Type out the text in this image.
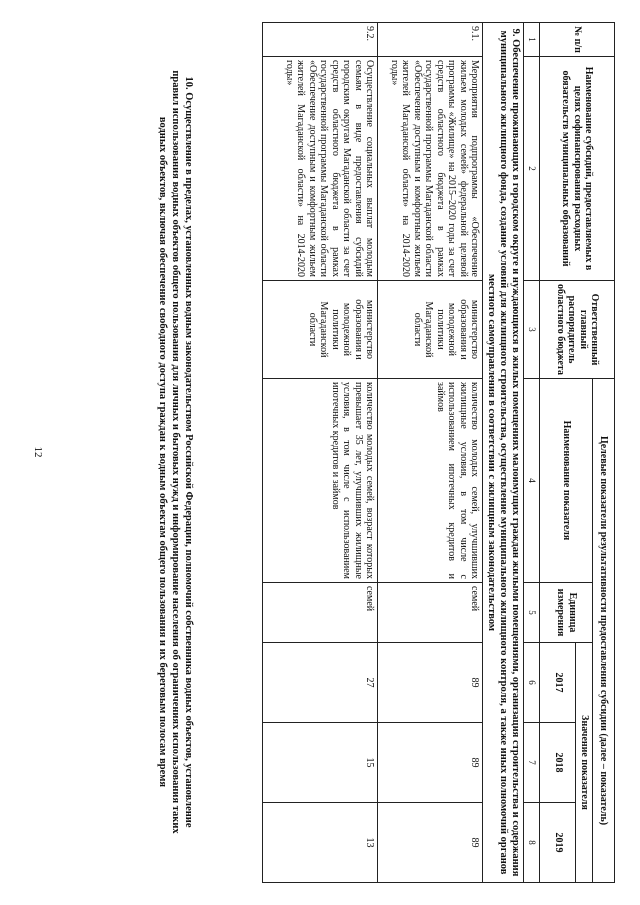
12
№ п/п	Наименование субсидий, предоставляемых в целях софинансирования расходных обязательств муниципальных образований	Ответственный главный распорядитель областного бюджета	Целевые показатели результативности предоставления субсидии (далее – показатель)				
			Наименование показателя	Единица измерения	Значение показателя		
					2017	2018	2019
1	2	3	4	5	6	7	8
9. Обеспечение проживающих в городском округе и нуждающихся в жилых помещениях малоимущих граждан жилыми помещениями, организация строительства и содержания муниципального жилищного фонда, создание условий для жилищного строительства, осуществление муниципального жилищного контроля, а также иных полномочий органов местного самоуправления в соответствии с жилищным законодательством							
9.1.	Мероприятия подпрограммы «Обеспечение жильем молодых семей» федеральной целевой программы «Жилище» на 2015–2020 годы за счет средств областного бюджета в рамках государственной программы Магаданской области «Обеспечение доступным и комфортным жильем жителей Магаданской области» на 2014-2020 годы»	министерство образования и молодежной политики Магаданской области	количество молодых семей, улучшивших жилищные условия, в том числе с использованием ипотечных кредитов и займов	семей	89	89	89
9.2.	Осуществление социальных выплат молодым семьям в виде предоставления субсидий городским округам Магаданской области за счет средств областного бюджета в рамках государственной программы Магаданской области «Обеспечение доступным и комфортным жильем жителей Магаданской области» на 2014-2020 годы»	министерство образования и молодежной политики Магаданской области	количество молодых семей, возраст которых превышает 35 лет, улучшивших жилищные условия, в том числе с использованием ипотечных кредитов и займов	семей	27	15	13
10. Осуществление в пределах, установленных водным законодательством Российской Федерации, полномочий собственника водных объектов, установление правил использования водных объектов общего пользования для личных и бытовых нужд и информирование населения об ограничениях использования таких водных объектов, включая обеспечение свободного доступа граждан к водным объектам общего пользования и их береговым полосам время
